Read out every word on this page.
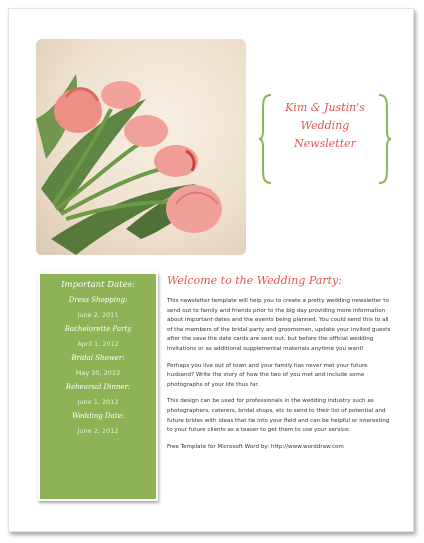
Kim & Justin's
Wedding
Newsletter
Important Dates:
Dress Shopping:
June 2, 2011
Bachelorette Party
April 1, 2012
Bridal Shower:
May 30, 2012
Rehearsal Dinner:
June 1, 2012
Wedding Date:
June 2, 2012
Welcome to the Wedding Party:

This newsletter template will help you to create a pretty wedding newsletter to send out to family and friends prior to the big day providing more information about important dates and the events being planned. You could send this to all of the members of the bridal party and groomsmen, update your invited guests after the save the date cards are sent out, but before the official wedding invitations or as additional supplemental materials anytime you want!

Perhaps you live out of town and your family has never met your future husband? Write the story of how the two of you met and include some photographs of your life thus far.

This design can be used for professionals in the wedding industry such as photographers, caterers, bridal shops, etc to send to their list of potential and future brides with ideas that tie into your field and can be helpful or interesting to your future clients as a teaser to get them to use your service.

Free Template for Microsoft Word by: http://www.worddraw.com
